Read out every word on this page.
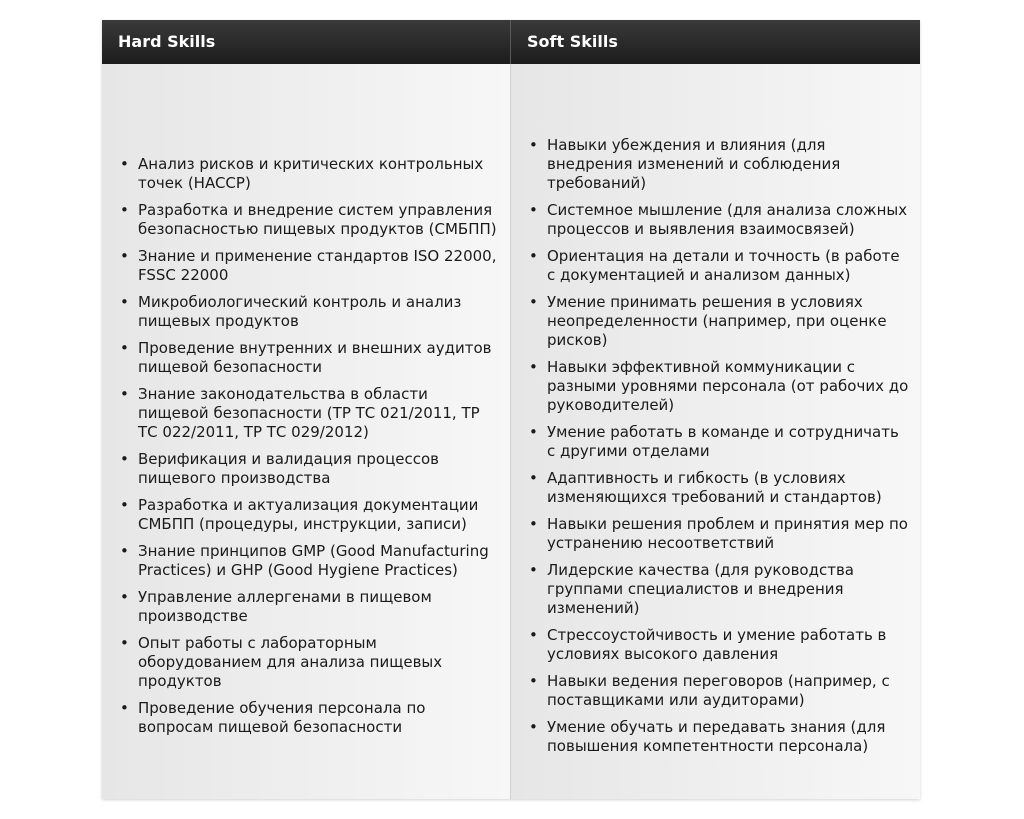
Hard Skills	Soft Skills
• Анализ рисков и критических контрольных точек (HACCP)
• Разработка и внедрение систем управления безопасностью пищевых продуктов (СМБПП)
• Знание и применение стандартов ISO 22000, FSSC 22000
• Микробиологический контроль и анализ пищевых продуктов
• Проведение внутренних и внешних аудитов пищевой безопасности
• Знание законодательства в области пищевой безопасности (ТР ТС 021/2011, ТР ТС 022/2011, ТР ТС 029/2012)
• Верификация и валидация процессов пищевого производства
• Разработка и актуализация документации СМБПП (процедуры, инструкции, записи)
• Знание принципов GMP (Good Manufacturing Practices) и GHP (Good Hygiene Practices)
• Управление аллергенами в пищевом производстве
• Опыт работы с лабораторным оборудованием для анализа пищевых продуктов
• Проведение обучения персонала по вопросам пищевой безопасности
• Навыки убеждения и влияния (для внедрения изменений и соблюдения требований)
• Системное мышление (для анализа сложных процессов и выявления взаимосвязей)
• Ориентация на детали и точность (в работе с документацией и анализом данных)
• Умение принимать решения в условиях неопределенности (например, при оценке рисков)
• Навыки эффективной коммуникации с разными уровнями персонала (от рабочих до руководителей)
• Умение работать в команде и сотрудничать с другими отделами
• Адаптивность и гибкость (в условиях изменяющихся требований и стандартов)
• Навыки решения проблем и принятия мер по устранению несоответствий
• Лидерские качества (для руководства группами специалистов и внедрения изменений)
• Стрессоустойчивость и умение работать в условиях высокого давления
• Навыки ведения переговоров (например, с поставщиками или аудиторами)
• Умение обучать и передавать знания (для повышения компетентности персонала)
